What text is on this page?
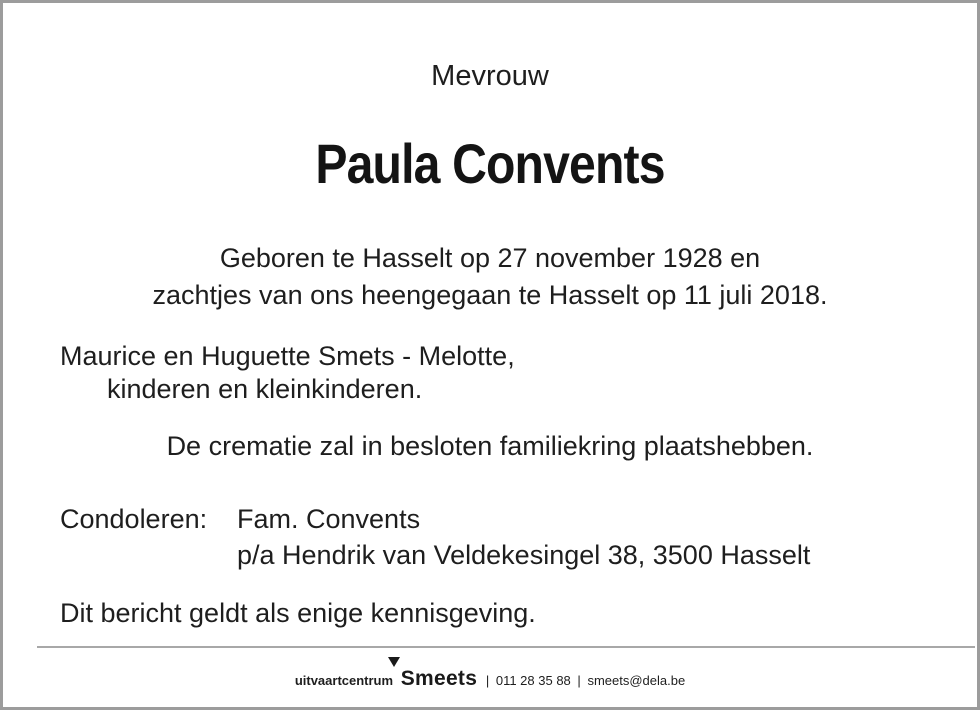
Mevrouw
Paula Convents
Geboren te Hasselt op 27 november 1928 en
zachtjes van ons heengegaan te Hasselt op 11 juli 2018.
Maurice en Huguette Smets - Melotte,
kinderen en kleinkinderen.
De crematie zal in besloten familiekring plaatshebben.
Condoleren: Fam. Convents
p/a Hendrik van Veldekesingel 38, 3500 Hasselt
Dit bericht geldt als enige kennisgeving.
uitvaartcentrum Smeets | 011 28 35 88 | smeets@dela.be
